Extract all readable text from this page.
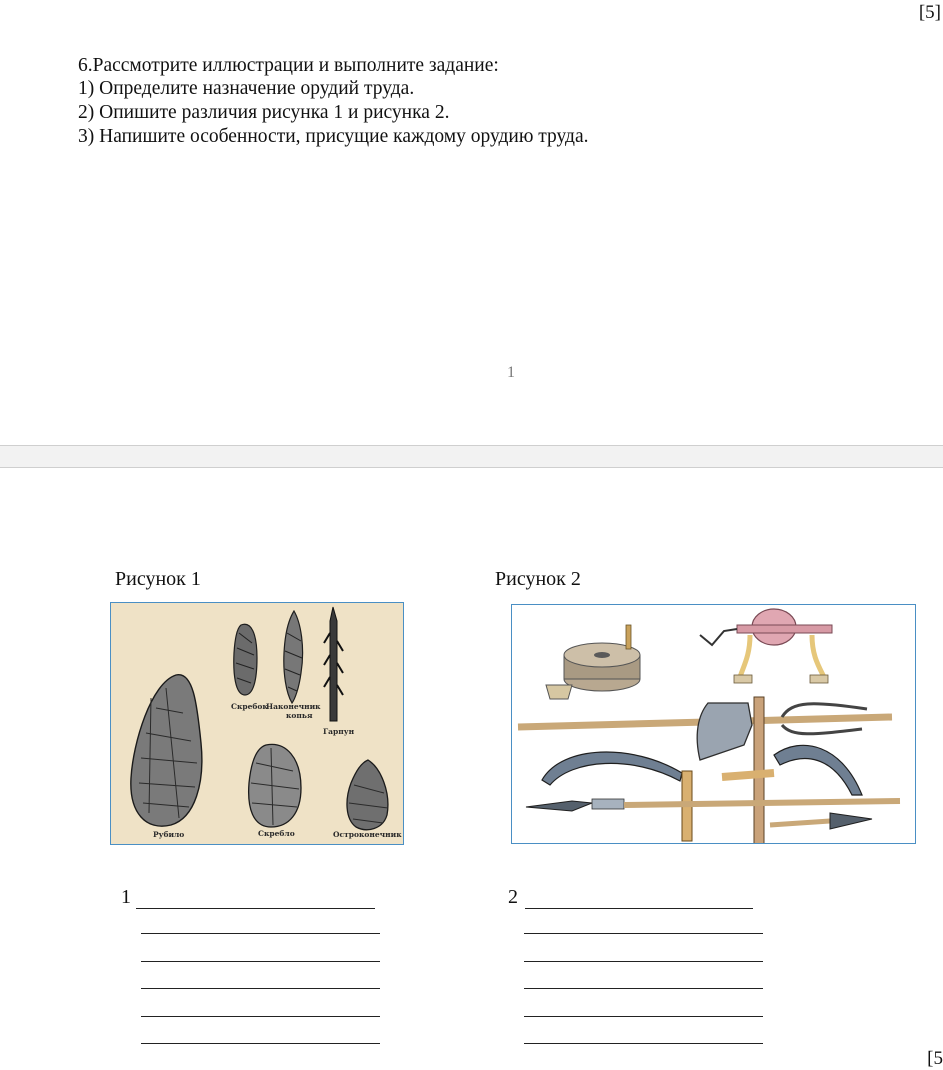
[5]
6.Рассмотрите иллюстрации и выполните задание:
1) Определите назначение орудий труда.
2) Опишите различия рисунка 1 и рисунка 2.
3) Напишите особенности, присущие каждому орудию труда.
1
Рисунок 1	Рисунок 2
Скребок
Наконечник
копья
Гарпун
Рубило	Скребло	Остроконечник
1	2
[5
